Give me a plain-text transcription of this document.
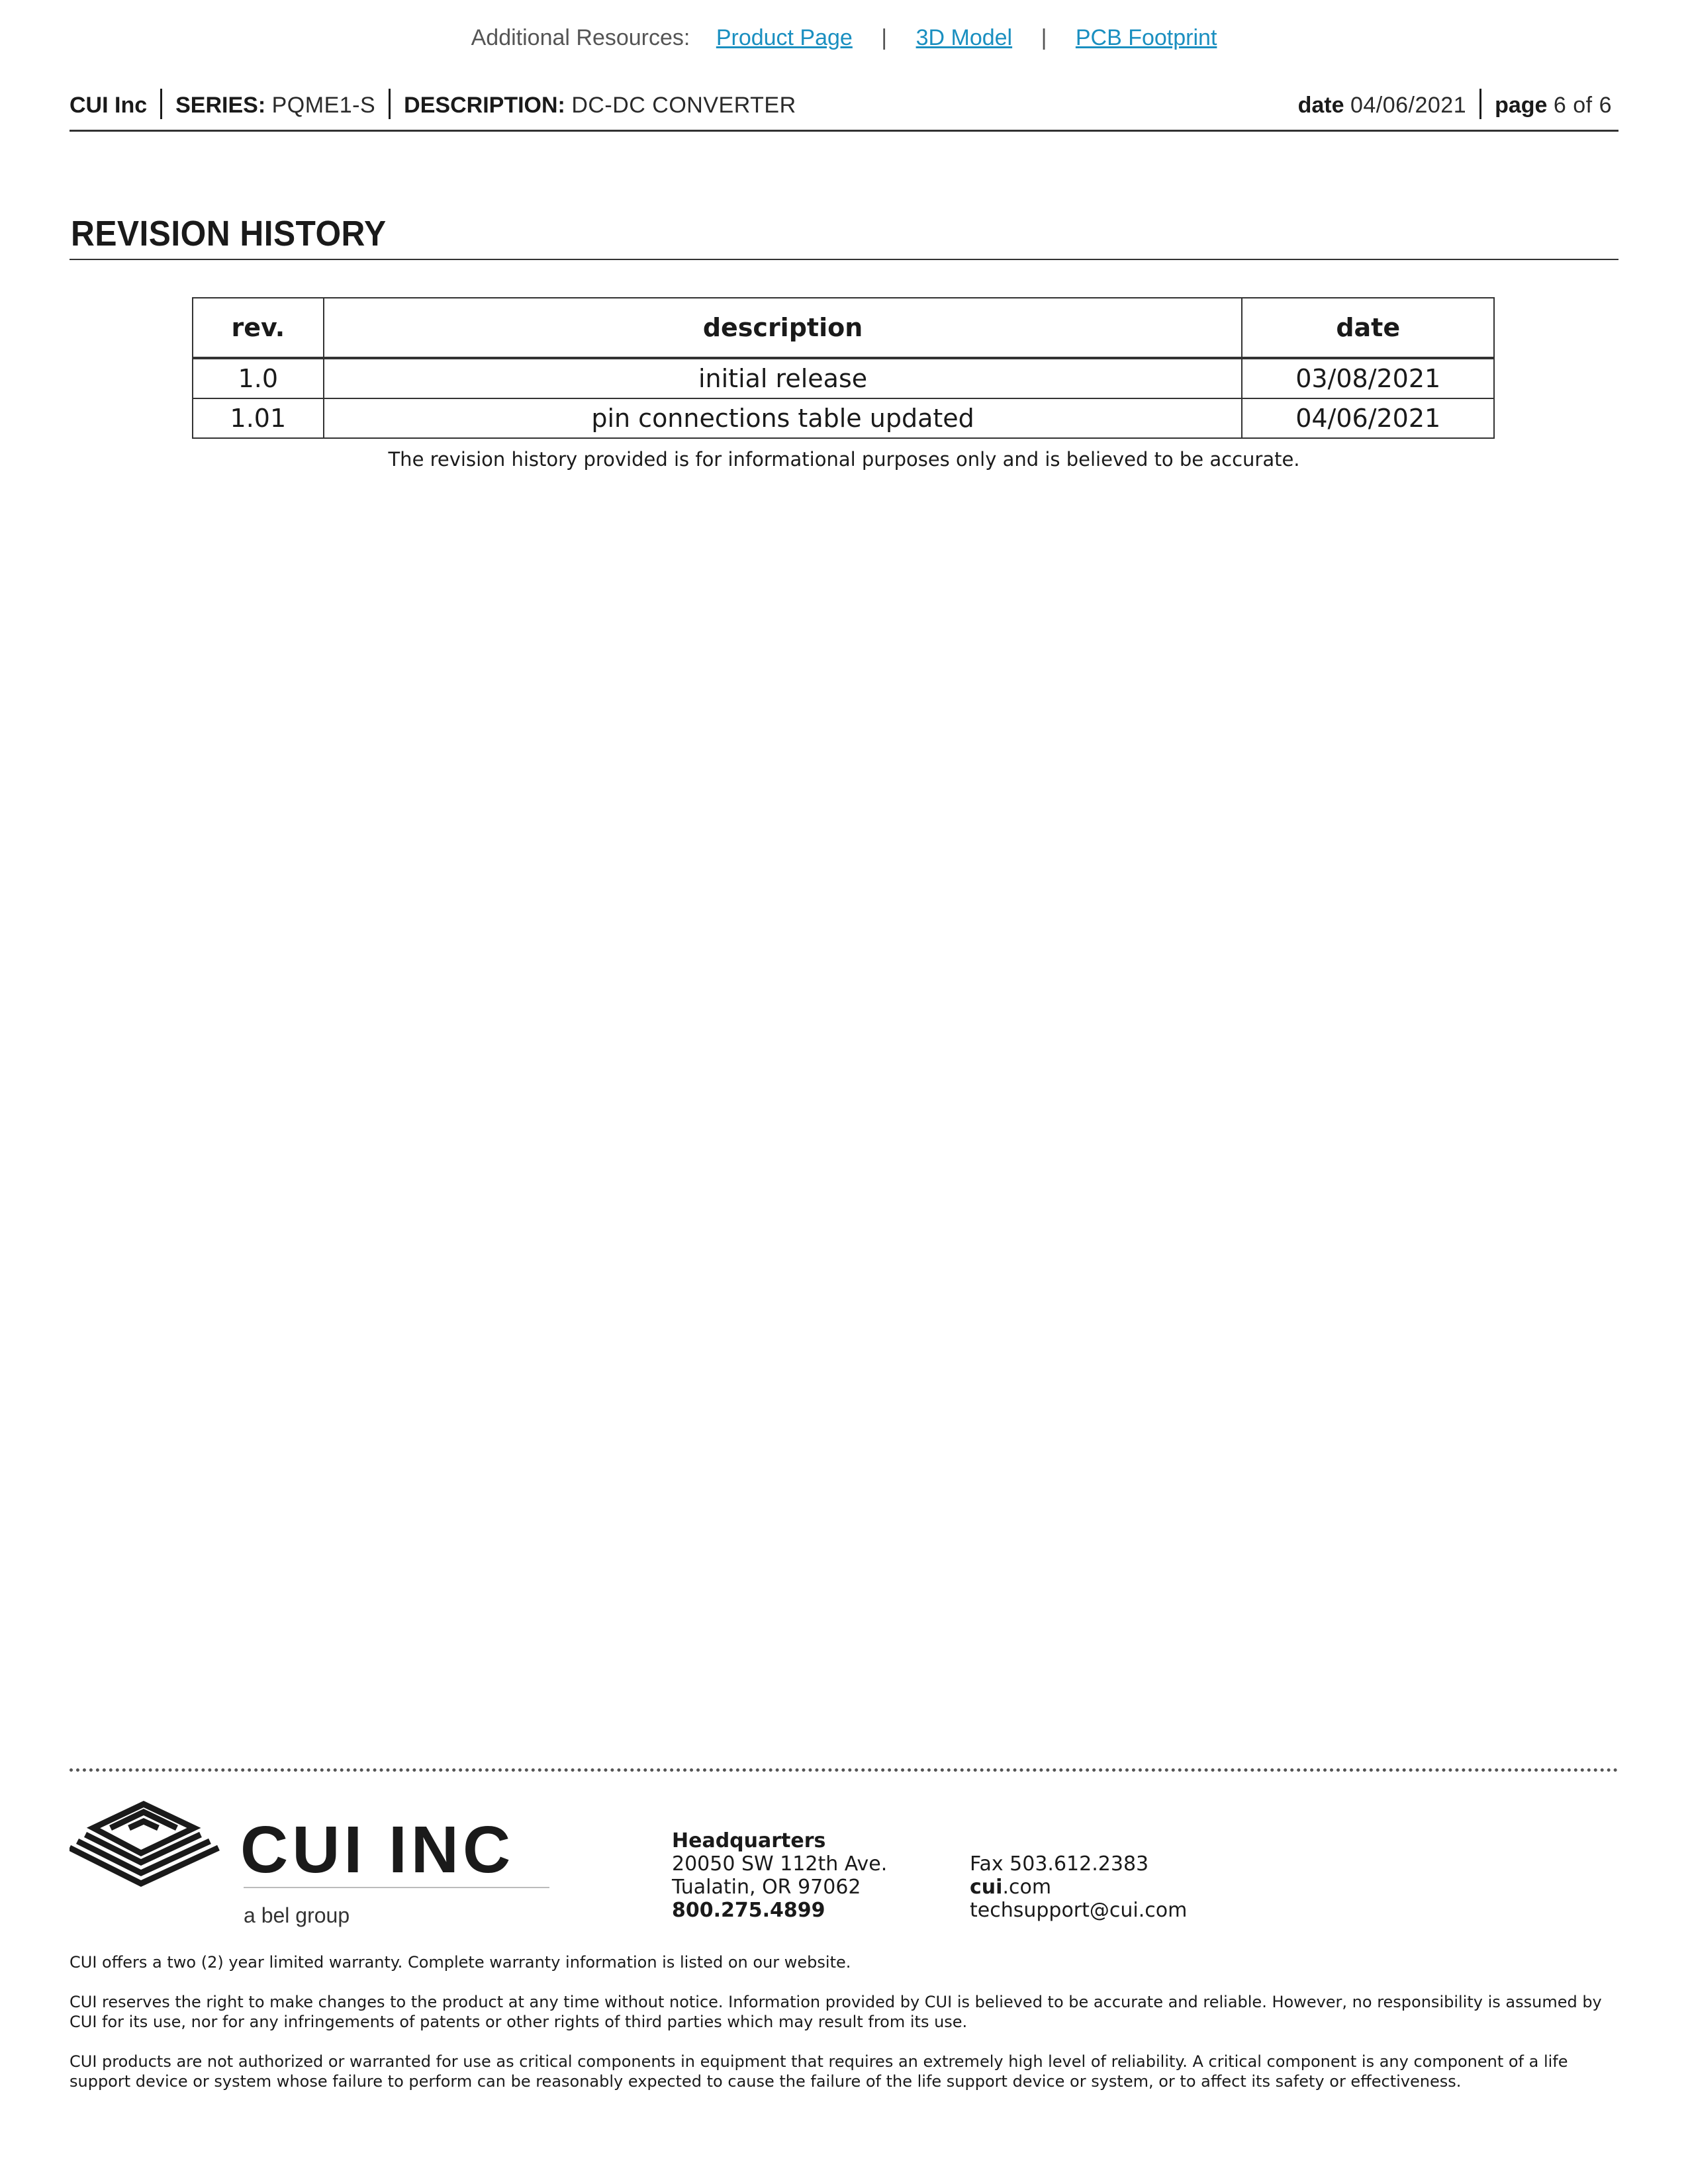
Additional Resources: Product Page | 3D Model | PCB Footprint
CUI Inc SERIES: PQME1-S DESCRIPTION: DC-DC CONVERTER	date 04/06/2021 page 6 of 6
REVISION HISTORY
rev.	description	date
1.0	initial release	03/08/2021
1.01	pin connections table updated	04/06/2021
The revision history provided is for informational purposes only and is believed to be accurate.
CUI INC
a bel group
Headquarters
20050 SW 112th Ave.
Tualatin, OR 97062
800.275.4899
Fax 503.612.2383
cui.com
techsupport@cui.com
CUI offers a two (2) year limited warranty. Complete warranty information is listed on our website.
CUI reserves the right to make changes to the product at any time without notice. Information provided by CUI is believed to be accurate and reliable. However, no responsibility is assumed by CUI for its use, nor for any infringements of patents or other rights of third parties which may result from its use.
CUI products are not authorized or warranted for use as critical components in equipment that requires an extremely high level of reliability. A critical component is any component of a life support device or system whose failure to perform can be reasonably expected to cause the failure of the life support device or system, or to affect its safety or effectiveness.
